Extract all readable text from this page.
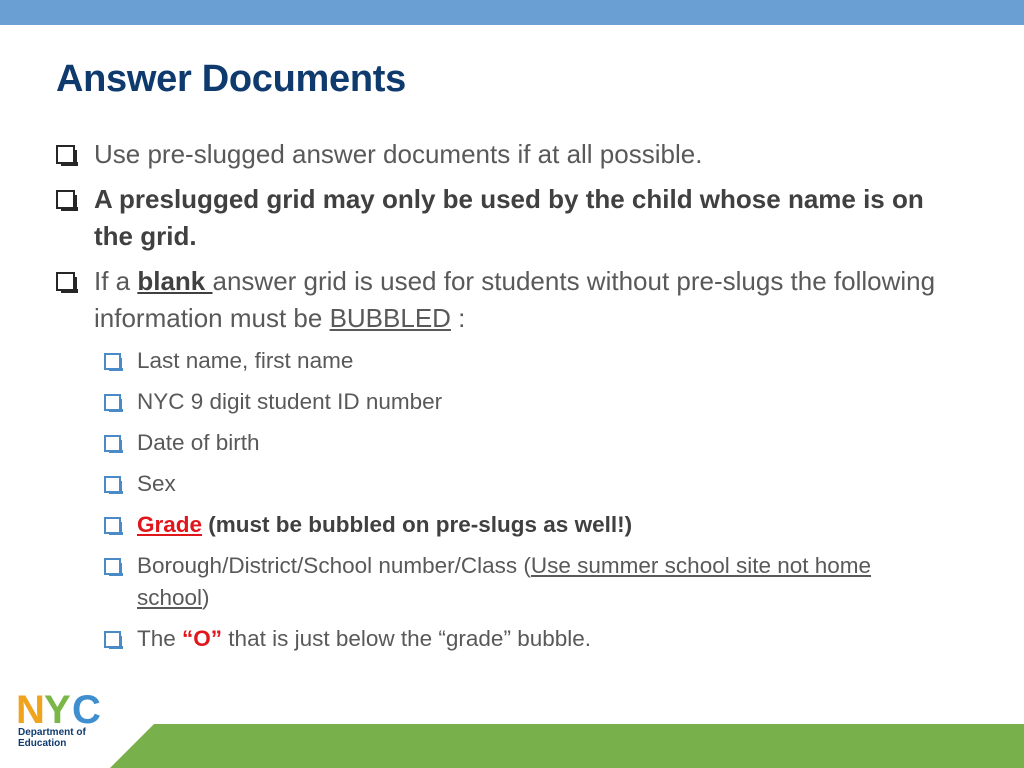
Answer Documents
Use pre-slugged answer documents if at all possible.
A preslugged grid may only be used by the child whose name is on the grid.
If a blank answer grid is used for students without pre-slugs the following information must be BUBBLED :
Last name, first name
NYC 9 digit student ID number
Date of birth
Sex
Grade (must be bubbled on pre-slugs as well!)
Borough/District/School number/Class (Use summer school site not home school)
The “O” that is just below the “grade” bubble.
N Y C
Department of
Education
